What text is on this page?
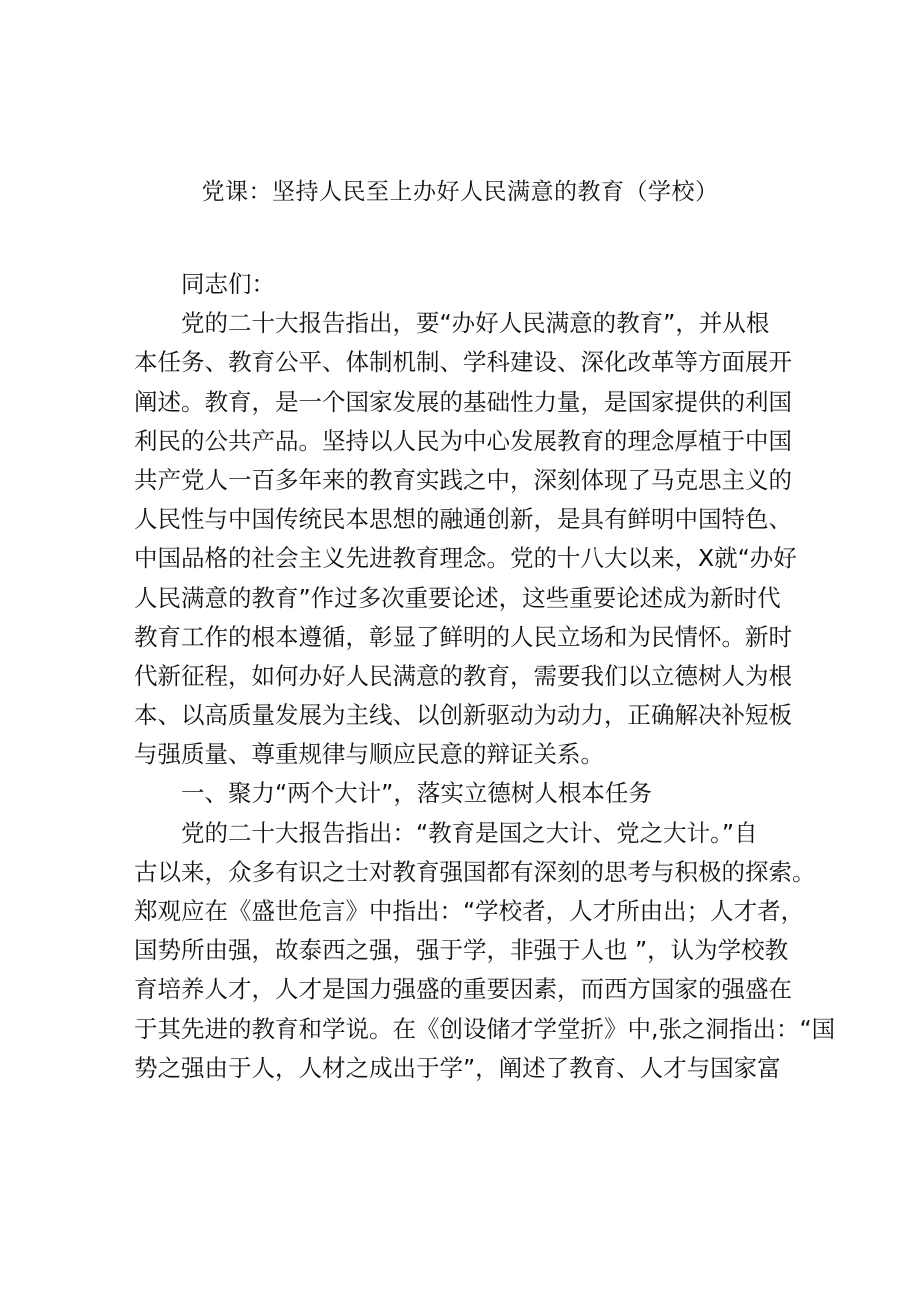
党课：坚持人民至上办好人民满意的教育（学校）
同志们：
党的二十大报告指出，要“办好人民满意的教育”，并从根
本任务、教育公平、体制机制、学科建设、深化改革等方面展开
阐述。教育，是一个国家发展的基础性力量，是国家提供的利国
利民的公共产品。坚持以人民为中心发展教育的理念厚植于中国
共产党人一百多年来的教育实践之中，深刻体现了马克思主义的
人民性与中国传统民本思想的融通创新，是具有鲜明中国特色、
中国品格的社会主义先进教育理念。党的十八大以来，X就“办好
人民满意的教育”作过多次重要论述，这些重要论述成为新时代
教育工作的根本遵循，彰显了鲜明的人民立场和为民情怀。新时
代新征程，如何办好人民满意的教育，需要我们以立德树人为根
本、以高质量发展为主线、以创新驱动为动力，正确解决补短板
与强质量、尊重规律与顺应民意的辩证关系。
一、聚力“两个大计”，落实立德树人根本任务
党的二十大报告指出：“教育是国之大计、党之大计。”自
古以来，众多有识之士对教育强国都有深刻的思考与积极的探索。
郑观应在《盛世危言》中指出：“学校者，人才所由出；人才者，
国势所由强，故泰西之强，强于学，非强于人也 ”，认为学校教
育培养人才，人才是国力强盛的重要因素，而西方国家的强盛在
于其先进的教育和学说。在《创设储才学堂折》中,张之洞指出：“国
势之强由于人，人材之成出于学”，阐述了教育、人才与国家富
